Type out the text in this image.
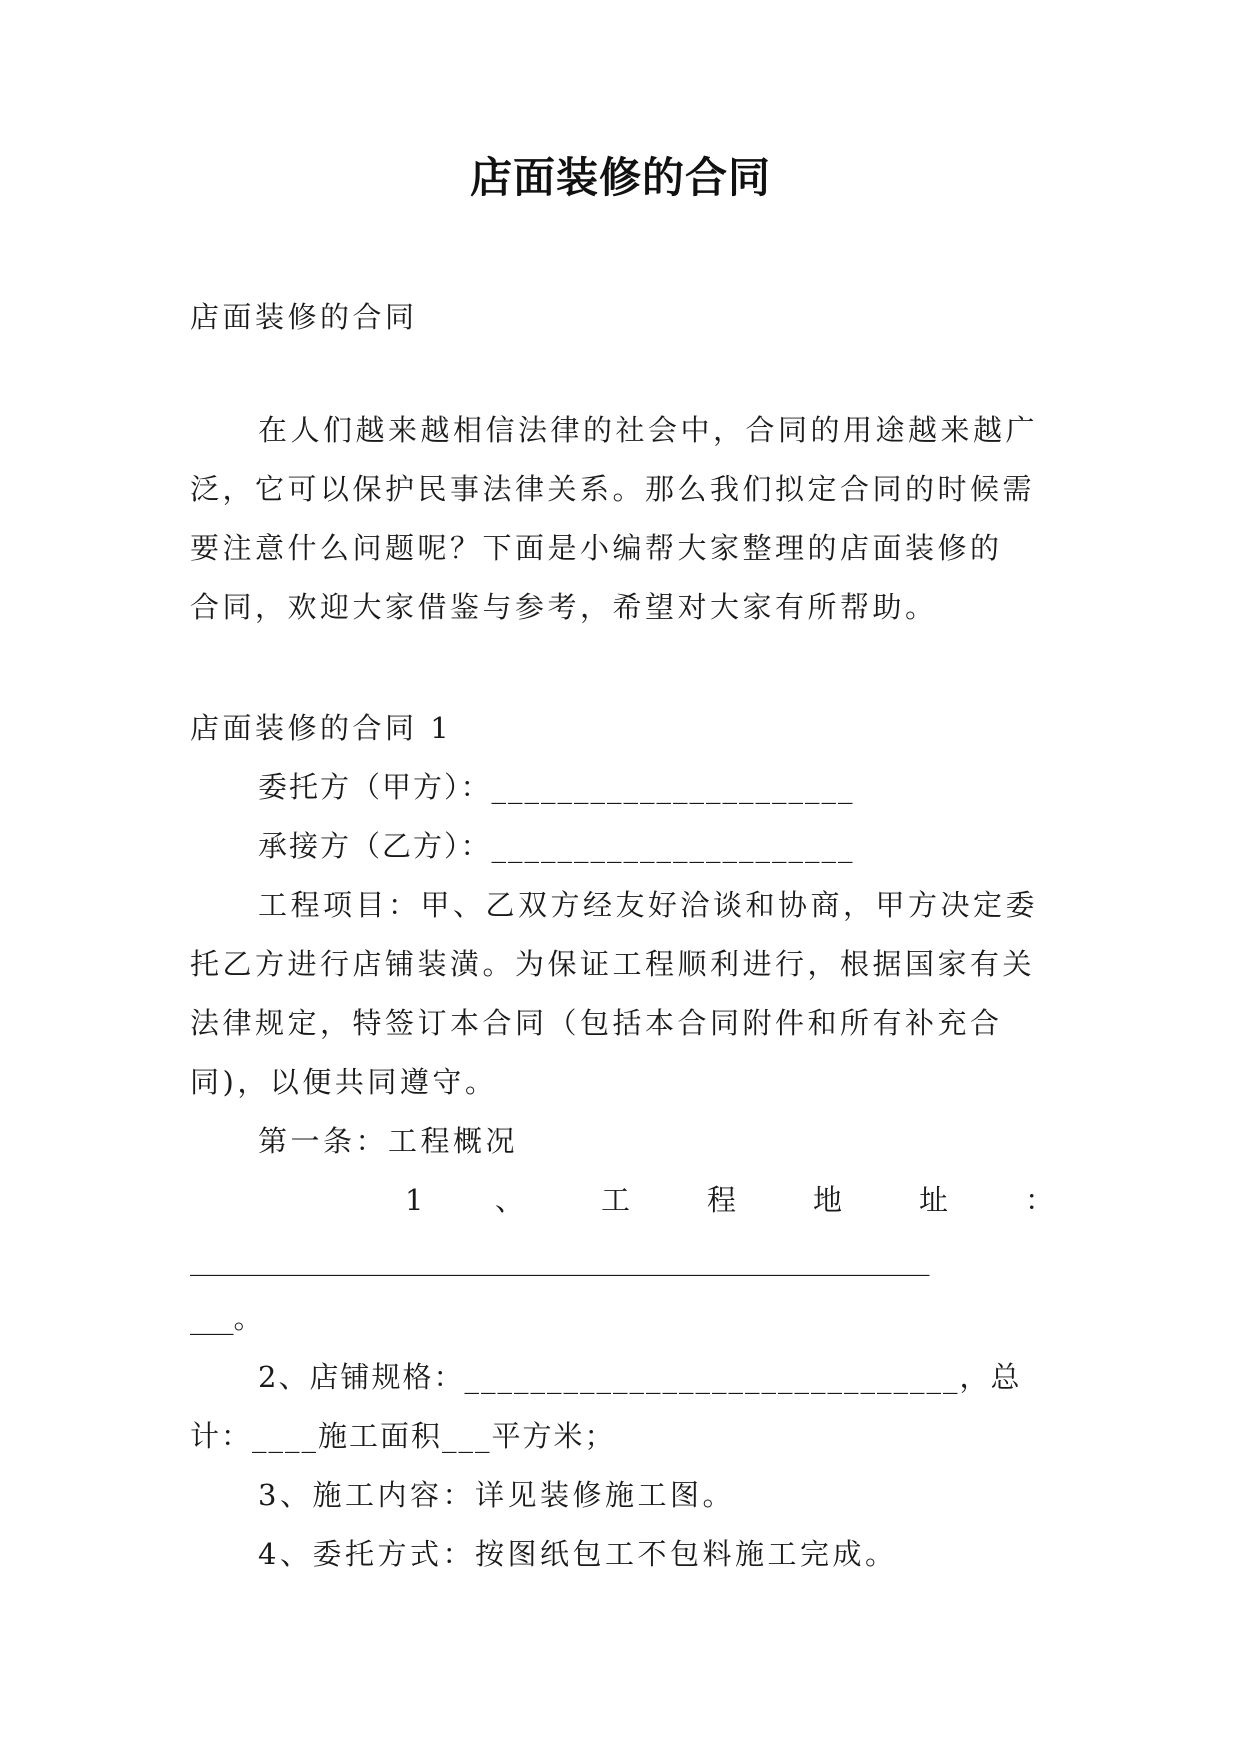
店面装修的合同
店面装修的合同
在人们越来越相信法律的社会中，合同的用途越来越广
泛，它可以保护民事法律关系。那么我们拟定合同的时候需
要注意什么问题呢？下面是小编帮大家整理的店面装修的
合同，欢迎大家借鉴与参考，希望对大家有所帮助。
店面装修的合同 1
委托方（甲方）：______________________
承接方（乙方）：______________________
工程项目：甲、乙双方经友好洽谈和协商，甲方决定委
托乙方进行店铺装潢。为保证工程顺利进行，根据国家有关
法律规定，特签订本合同（包括本合同附件和所有补充合
同)，以便共同遵守。
第一条：工程概况
1 、	工	程	地	址	：
___________________________________________________
___。
2、店铺规格：______________________________，总
计：____施工面积___平方米；
3、施工内容：详见装修施工图。
4、委托方式：按图纸包工不包料施工完成。
